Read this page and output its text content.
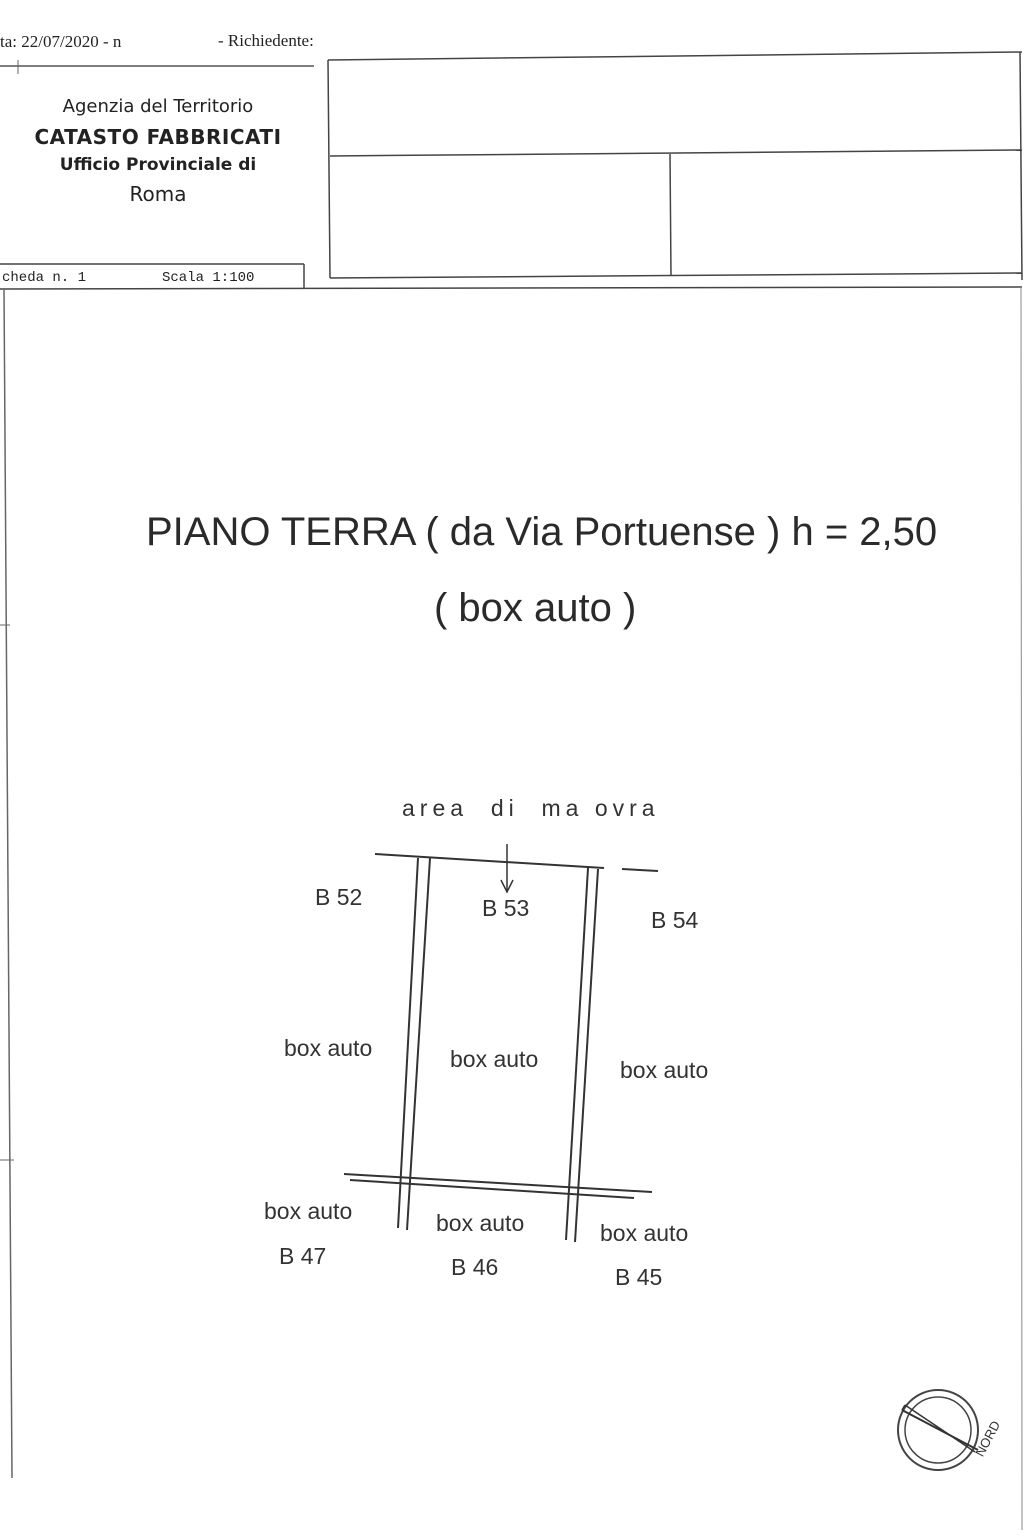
ta: 22/07/2020 - n	- Richiedente:
Agenzia del Territorio
CATASTO FABBRICATI
Ufficio Provinciale di
Roma
cheda n. 1	Scala 1:100
PIANO TERRA ( da Via Portuense ) h = 2,50
( box auto )
area  di  ma ovra
B 52
box auto
B 53
box auto
B 54
box auto
B 47
box auto
B 46
box auto
B 45
box auto
NORD
